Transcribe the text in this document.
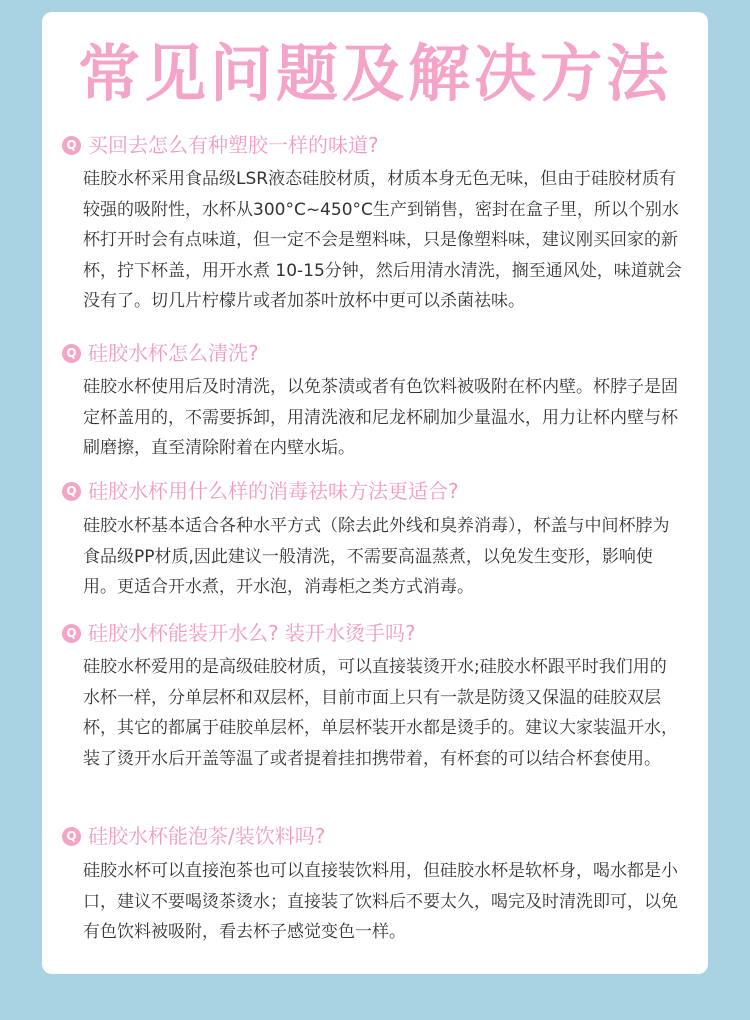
常见问题及解决方法
Q 买回去怎么有种塑胶一样的味道?

硅胶水杯采用食品级LSR液态硅胶材质，材质本身无色无味，但由于硅胶材质有较强的吸附性，水杯从300°C~450°C生产到销售，密封在盒子里，所以个别水杯打开时会有点味道，但一定不会是塑料味，只是像塑料味，建议刚买回家的新杯，拧下杯盖，用开水煮 10-15分钟，然后用清水清洗，搁至通风处，味道就会没有了。切几片柠檬片或者加茶叶放杯中更可以杀菌祛味。

Q 硅胶水杯怎么清洗?

硅胶水杯使用后及时清洗，以免茶渍或者有色饮料被吸附在杯内壁。杯脖子是固定杯盖用的，不需要拆卸，用清洗液和尼龙杯刷加少量温水，用力让杯内壁与杯刷磨擦，直至清除附着在内壁水垢。

Q 硅胶水杯用什么样的消毒祛味方法更适合?

硅胶水杯基本适合各种水平方式（除去此外线和臭养消毒），杯盖与中间杯脖为食品级PP材质,因此建议一般清洗，不需要高温蒸煮，以免发生变形，影响使用。更适合开水煮，开水泡，消毒柜之类方式消毒。

Q 硅胶水杯能装开水么? 装开水烫手吗?

硅胶水杯爱用的是高级硅胶材质，可以直接装烫开水;硅胶水杯跟平时我们用的水杯一样，分单层杯和双层杯，目前市面上只有一款是防烫又保温的硅胶双层杯，其它的都属于硅胶单层杯，单层杯装开水都是烫手的。建议大家装温开水，装了烫开水后开盖等温了或者提着挂扣携带着，有杯套的可以结合杯套使用。

Q 硅胶水杯能泡茶/装饮料吗?

硅胶水杯可以直接泡茶也可以直接装饮料用，但硅胶水杯是软杯身，喝水都是小口，建议不要喝烫茶烫水；直接装了饮料后不要太久，喝完及时清洗即可，以免有色饮料被吸附，看去杯子感觉变色一样。
